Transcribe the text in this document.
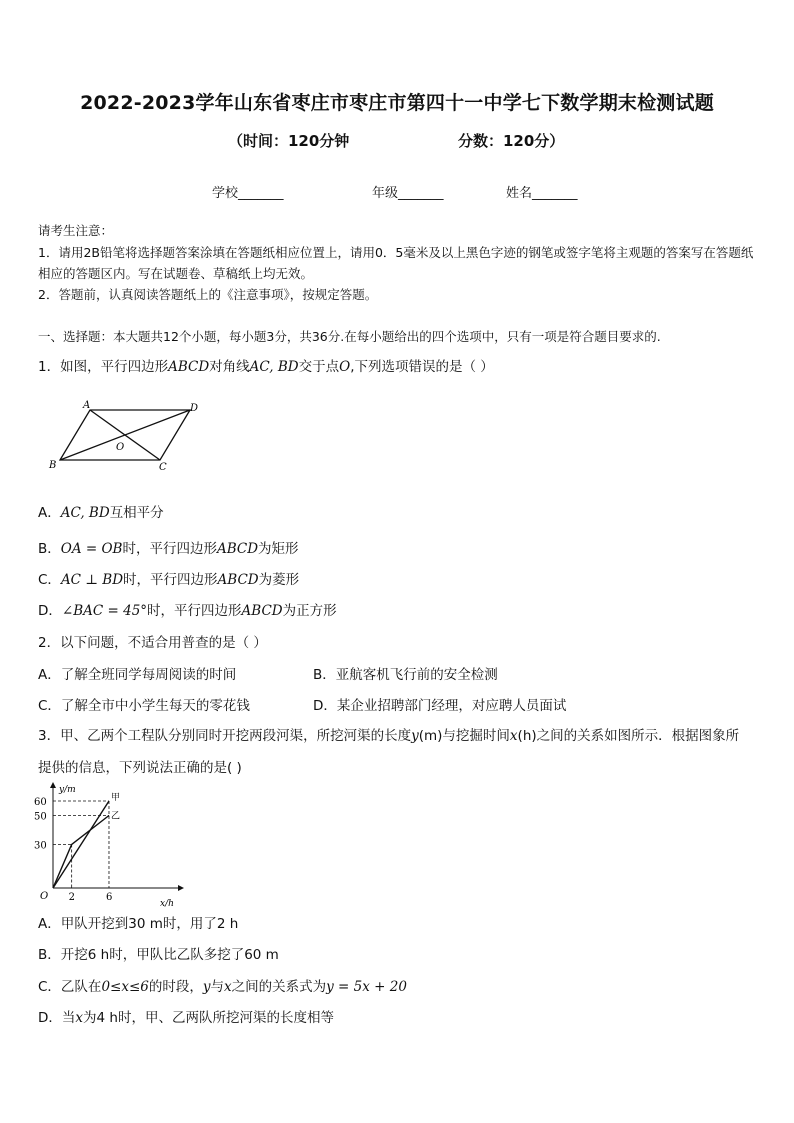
2022-2023学年山东省枣庄市枣庄市第四十一中学七下数学期末检测试题
（时间：120分钟	分数：120分）
学校_______	年级_______	姓名_______
请考生注意：
1．请用2B铅笔将选择题答案涂填在答题纸相应位置上，请用0．5毫米及以上黑色字迹的钢笔或签字笔将主观题的答案写在答题纸相应的答题区内。写在试题卷、草稿纸上均无效。
2．答题前，认真阅读答题纸上的《注意事项》，按规定答题。
一、选择题：本大题共12个小题，每小题3分，共36分.在每小题给出的四个选项中，只有一项是符合题目要求的.
1．如图，平行四边形ABCD对角线AC, BD交于点O,下列选项错误的是（ ）
A	D
B	C
O
A．AC, BD互相平分
B．OA = OB时，平行四边形ABCD为矩形
C．AC ⊥ BD时，平行四边形ABCD为菱形
D．∠BAC = 45°时，平行四边形ABCD为正方形
2．以下问题，不适合用普查的是（ ）
A．了解全班同学每周阅读的时间	B．亚航客机飞行前的安全检测
C．了解全市中小学生每天的零花钱	D．某企业招聘部门经理，对应聘人员面试
3．甲、乙两个工程队分别同时开挖两段河渠，所挖河渠的长度y(m)与挖掘时间x(h)之间的关系如图所示．根据图象所
提供的信息，下列说法正确的是( )
y/m
x/h
O
60
50
30
2	6
甲
乙
A．甲队开挖到30 m时，用了2 h
B．开挖6 h时，甲队比乙队多挖了60 m
C．乙队在0≤x≤6的时段，y与x之间的关系式为y = 5x + 20
D．当x为4 h时，甲、乙两队所挖河渠的长度相等
